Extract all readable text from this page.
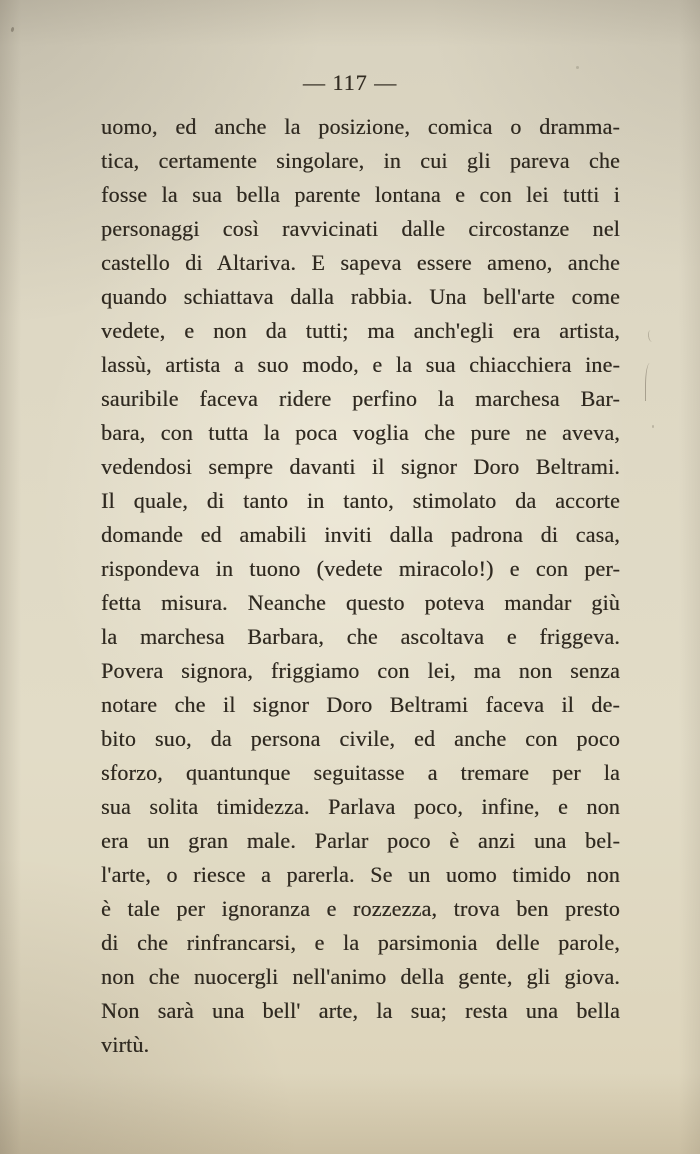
— 117 —
uomo, ed anche la posizione, comica o dramma-
tica, certamente singolare, in cui gli pareva che
fosse la sua bella parente lontana e con lei tutti i
personaggi così ravvicinati dalle circostanze nel
castello di Altariva. E sapeva essere ameno, anche
quando schiattava dalla rabbia. Una bell'arte come
vedete, e non da tutti; ma anch'egli era artista,
lassù, artista a suo modo, e la sua chiacchiera ine-
sauribile faceva ridere perfino la marchesa Bar-
bara, con tutta la poca voglia che pure ne aveva,
vedendosi sempre davanti il signor Doro Beltrami.
Il quale, di tanto in tanto, stimolato da accorte
domande ed amabili inviti dalla padrona di casa,
rispondeva in tuono (vedete miracolo!) e con per-
fetta misura. Neanche questo poteva mandar giù
la marchesa Barbara, che ascoltava e friggeva.
Povera signora, friggiamo con lei, ma non senza
notare che il signor Doro Beltrami faceva il de-
bito suo, da persona civile, ed anche con poco
sforzo, quantunque seguitasse a tremare per la
sua solita timidezza. Parlava poco, infine, e non
era un gran male. Parlar poco è anzi una bel-
l'arte, o riesce a parerla. Se un uomo timido non
è tale per ignoranza e rozzezza, trova ben presto
di che rinfrancarsi, e la parsimonia delle parole,
non che nuocergli nell'animo della gente, gli giova.
Non sarà una bell' arte, la sua; resta una bella
virtù.
